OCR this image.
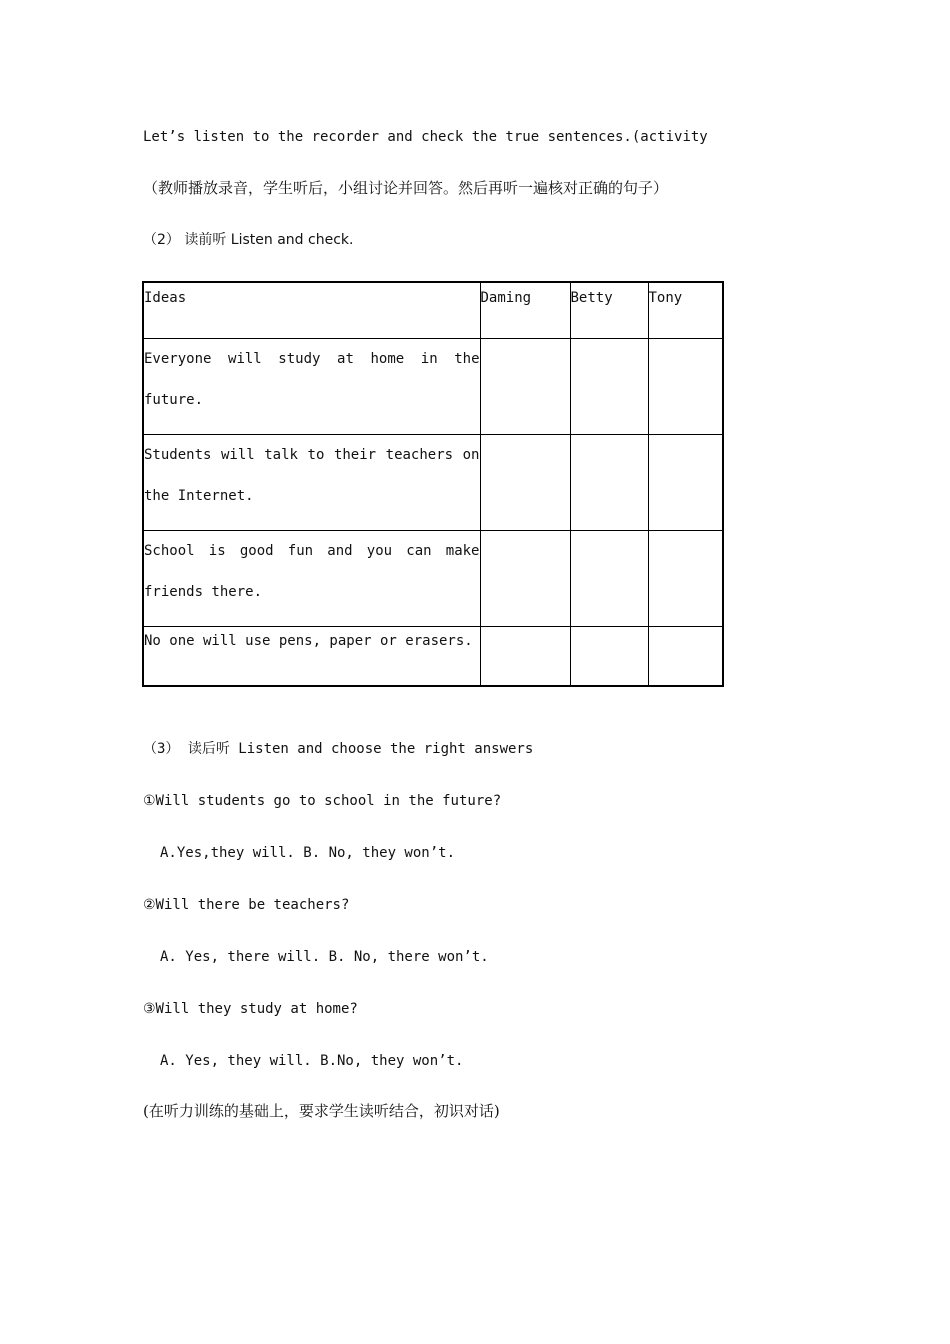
Let’s listen to the recorder and check the true sentences.(activity
（教师播放录音，学生听后，小组讨论并回答。然后再听一遍核对正确的句子）
（2） 读前听 Listen and check.
Ideas	Daming	Betty	Tony

Everyone will study at home in the future.			

Students will talk to their teachers on the Internet.			

School is good fun and you can make friends there.			

No one will use pens, paper or erasers.			

（3） 读后听 Listen and choose the right answers
①Will students go to school in the future?
A.Yes,they will. B. No, they won’t.
②Will there be teachers?
A. Yes, there will. B. No, there won’t.
③Will they study at home?
A. Yes, they will. B.No, they won’t.
(在听力训练的基础上，要求学生读听结合，初识对话)
